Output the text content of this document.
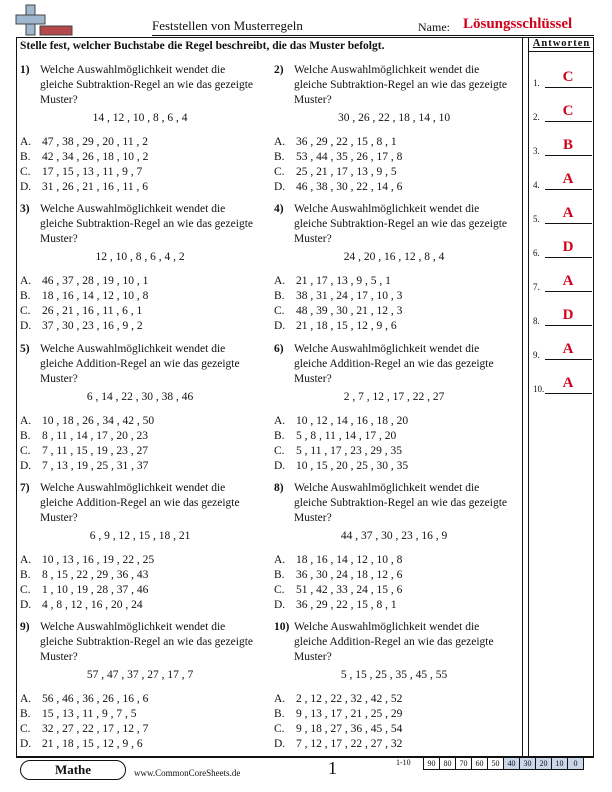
Feststellen von Musterregeln	Name: Lösungsschlüssel
Stelle fest, welcher Buchstabe die Regel beschreibt, die das Muster befolgt.	Antworten
1.	C
2.	C
3.	B
4.	A
5.	A
6.	D
7.	A
8.	D
9.	A
10.	A
1) Welche Auswahlmöglichkeit wendet die gleiche Subtraktion-Regel an wie das gezeigte Muster?
14 , 12 , 10 , 8 , 6 , 4
A. 47 , 38 , 29 , 20 , 11 , 2
B. 42 , 34 , 26 , 18 , 10 , 2
C. 17 , 15 , 13 , 11 , 9 , 7
D. 31 , 26 , 21 , 16 , 11 , 6
2) Welche Auswahlmöglichkeit wendet die gleiche Subtraktion-Regel an wie das gezeigte Muster?
30 , 26 , 22 , 18 , 14 , 10
A. 36 , 29 , 22 , 15 , 8 , 1
B. 53 , 44 , 35 , 26 , 17 , 8
C. 25 , 21 , 17 , 13 , 9 , 5
D. 46 , 38 , 30 , 22 , 14 , 6
3) Welche Auswahlmöglichkeit wendet die gleiche Subtraktion-Regel an wie das gezeigte Muster?
12 , 10 , 8 , 6 , 4 , 2
A. 46 , 37 , 28 , 19 , 10 , 1
B. 18 , 16 , 14 , 12 , 10 , 8
C. 26 , 21 , 16 , 11 , 6 , 1
D. 37 , 30 , 23 , 16 , 9 , 2
4) Welche Auswahlmöglichkeit wendet die gleiche Subtraktion-Regel an wie das gezeigte Muster?
24 , 20 , 16 , 12 , 8 , 4
A. 21 , 17 , 13 , 9 , 5 , 1
B. 38 , 31 , 24 , 17 , 10 , 3
C. 48 , 39 , 30 , 21 , 12 , 3
D. 21 , 18 , 15 , 12 , 9 , 6
5) Welche Auswahlmöglichkeit wendet die gleiche Addition-Regel an wie das gezeigte Muster?
6 , 14 , 22 , 30 , 38 , 46
A. 10 , 18 , 26 , 34 , 42 , 50
B. 8 , 11 , 14 , 17 , 20 , 23
C. 7 , 11 , 15 , 19 , 23 , 27
D. 7 , 13 , 19 , 25 , 31 , 37
6) Welche Auswahlmöglichkeit wendet die gleiche Addition-Regel an wie das gezeigte Muster?
2 , 7 , 12 , 17 , 22 , 27
A. 10 , 12 , 14 , 16 , 18 , 20
B. 5 , 8 , 11 , 14 , 17 , 20
C. 5 , 11 , 17 , 23 , 29 , 35
D. 10 , 15 , 20 , 25 , 30 , 35
7) Welche Auswahlmöglichkeit wendet die gleiche Addition-Regel an wie das gezeigte Muster?
6 , 9 , 12 , 15 , 18 , 21
A. 10 , 13 , 16 , 19 , 22 , 25
B. 8 , 15 , 22 , 29 , 36 , 43
C. 1 , 10 , 19 , 28 , 37 , 46
D. 4 , 8 , 12 , 16 , 20 , 24
8) Welche Auswahlmöglichkeit wendet die gleiche Subtraktion-Regel an wie das gezeigte Muster?
44 , 37 , 30 , 23 , 16 , 9
A. 18 , 16 , 14 , 12 , 10 , 8
B. 36 , 30 , 24 , 18 , 12 , 6
C. 51 , 42 , 33 , 24 , 15 , 6
D. 36 , 29 , 22 , 15 , 8 , 1
9) Welche Auswahlmöglichkeit wendet die gleiche Subtraktion-Regel an wie das gezeigte Muster?
57 , 47 , 37 , 27 , 17 , 7
A. 56 , 46 , 36 , 26 , 16 , 6
B. 15 , 13 , 11 , 9 , 7 , 5
C. 32 , 27 , 22 , 17 , 12 , 7
D. 21 , 18 , 15 , 12 , 9 , 6
10) Welche Auswahlmöglichkeit wendet die gleiche Addition-Regel an wie das gezeigte Muster?
5 , 15 , 25 , 35 , 45 , 55
A. 2 , 12 , 22 , 32 , 42 , 52
B. 9 , 13 , 17 , 21 , 25 , 29
C. 9 , 18 , 27 , 36 , 45 , 54
D. 7 , 12 , 17 , 22 , 27 , 32
Mathe	www.CommonCoreSheets.de	1	1-10 90	80	70	60	50	40	30	20	10	0
